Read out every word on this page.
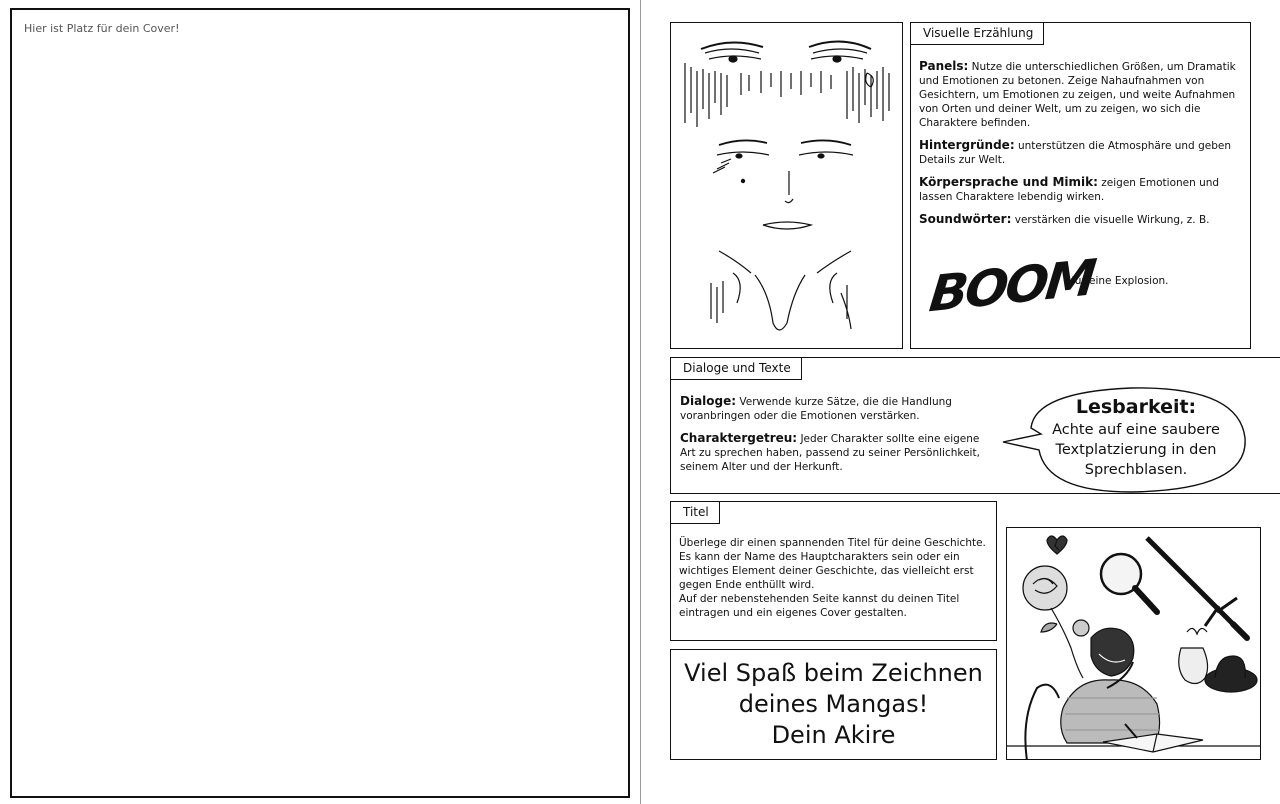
Hier ist Platz für dein Cover!	Visuelle Erzählung

Panels: Nutze die unterschiedlichen Größen, um Dramatik und Emotionen zu betonen. Zeige Nahaufnahmen von Gesichtern, um Emotionen zu zeigen, und weite Aufnahmen von Orten und deiner Welt, um zu zeigen, wo sich die Charaktere befinden.

Hintergründe: unterstützen die Atmosphäre und geben Details zur Welt.

Körpersprache und Mimik: zeigen Emotionen und lassen Charaktere lebendig wirken.

Soundwörter: verstärken die visuelle Wirkung, z. B.

BOOM
für eine Explosion.
Dialoge und Texte

Dialoge: Verwende kurze Sätze, die die Handlung voranbringen oder die Emotionen verstärken.

Charaktergetreu: Jeder Charakter sollte eine eigene Art zu sprechen haben, passend zu seiner Persönlichkeit, seinem Alter und der Herkunft.

Lesbarkeit:
Achte auf eine saubere Textplatzierung in den Sprechblasen.
Titel

Überlege dir einen spannenden Titel für deine Geschichte. Es kann der Name des Hauptcharakters sein oder ein wichtiges Element deiner Geschichte, das vielleicht erst gegen Ende enthüllt wird.

Auf der nebenstehenden Seite kannst du deinen Titel eintragen und ein eigenes Cover gestalten.

Viel Spaß beim Zeichnen
deines Mangas!
Dein Akire
